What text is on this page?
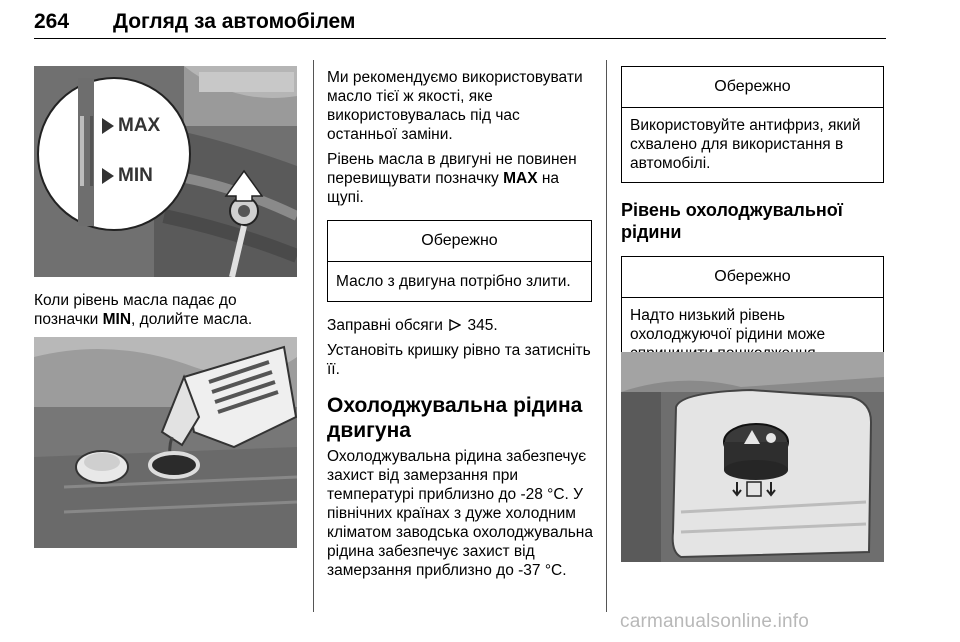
264 Догляд за автомобілем
MAX
MIN

Коли рівень масла падає до позначки MIN, долийте масла.

Ми рекомендуємо використовувати масло тієї ж якості, яке використовувалась під час останньої заміни.

Рівень масла в двигуні не повинен перевищувати позначку MAX на щупі.

Обережно
Масло з двигуна потрібно злити.

Заправні обсяги  345.

Установіть кришку рівно та затисніть її.

Охолоджувальна рідина двигуна

Охолоджувальна рідина забезпечує захист від замерзання при температурі приблизно до -28 °C. У північних країнах з дуже холодним кліматом заводська охолоджувальна рідина забезпечує захист від замерзання приблизно до -37 °C.

Обережно
Використовуйте антифриз, який схвалено для використання в автомобілі.
Рівень охолоджувальної рідини
Обережно
Надто низький рівень охолоджуючої рідини може
carmanualsonline.info
